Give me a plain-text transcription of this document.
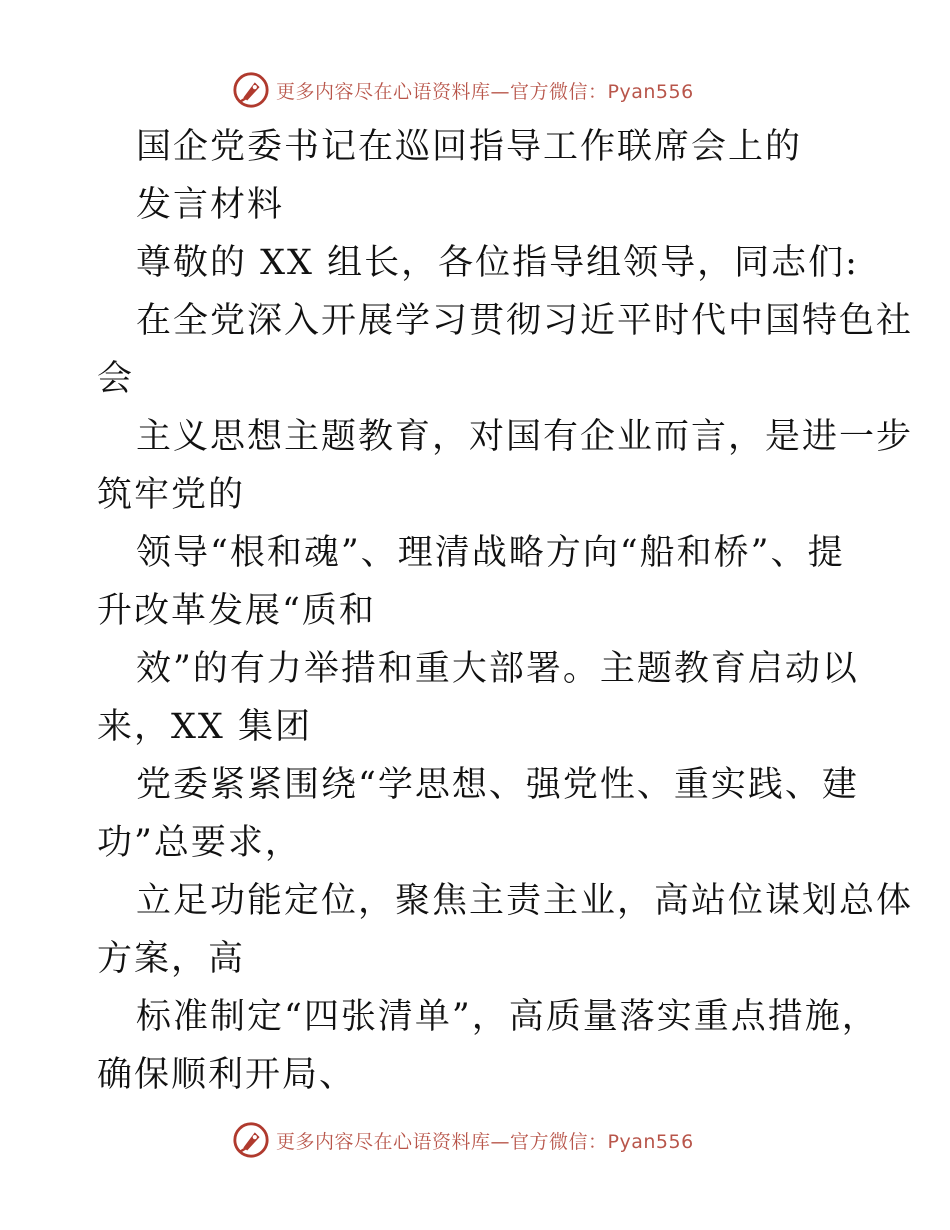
更多内容尽在心语资料库—官方微信：Pyan556
国企党委书记在巡回指导工作联席会上的
发言材料
尊敬的 XX 组长，各位指导组领导，同志们:
在全党深入开展学习贯彻习近平时代中国特色社
会
主义思想主题教育，对国有企业而言，是进一步
筑牢党的
领导“根和魂”、理清战略方向“船和桥”、提
升改革发展“质和
效”的有力举措和重大部署。主题教育启动以
来，XX 集团
党委紧紧围绕“学思想、强党性、重实践、建
功”总要求，
立足功能定位，聚焦主责主业，高站位谋划总体
方案，高
标准制定“四张清单”，高质量落实重点措施，
确保顺利开局、
更多内容尽在心语资料库—官方微信：Pyan556
